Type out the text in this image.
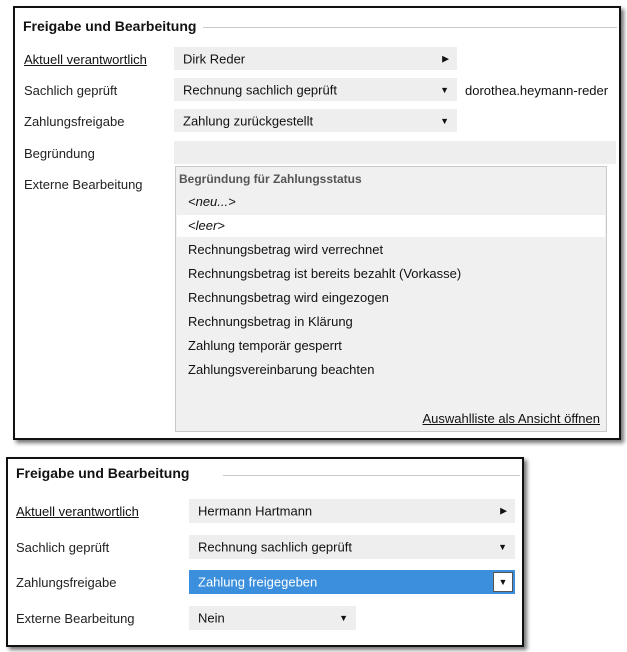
Freigabe und Bearbeitung
Aktuell verantwortlich	Dirk Reder	▶
Sachlich geprüft	Rechnung sachlich geprüft	▼ dorothea.heymann-reder
Zahlungsfreigabe	Zahlung zurückgestellt	▼
Begründung
Externe Bearbeitung	Begründung für Zahlungsstatus
<neu...>
<leer>
Rechnungsbetrag wird verrechnet
Rechnungsbetrag ist bereits bezahlt (Vorkasse)
Rechnungsbetrag wird eingezogen
Rechnungsbetrag in Klärung
Zahlung temporär gesperrt
Zahlungsvereinbarung beachten
Auswahlliste als Ansicht öffnen
Freigabe und Bearbeitung
Aktuell verantwortlich	Hermann Hartmann	▶
Sachlich geprüft	Rechnung sachlich geprüft	▼
Zahlungsfreigabe	Zahlung freigegeben	▼
Externe Bearbeitung	Nein	▼
